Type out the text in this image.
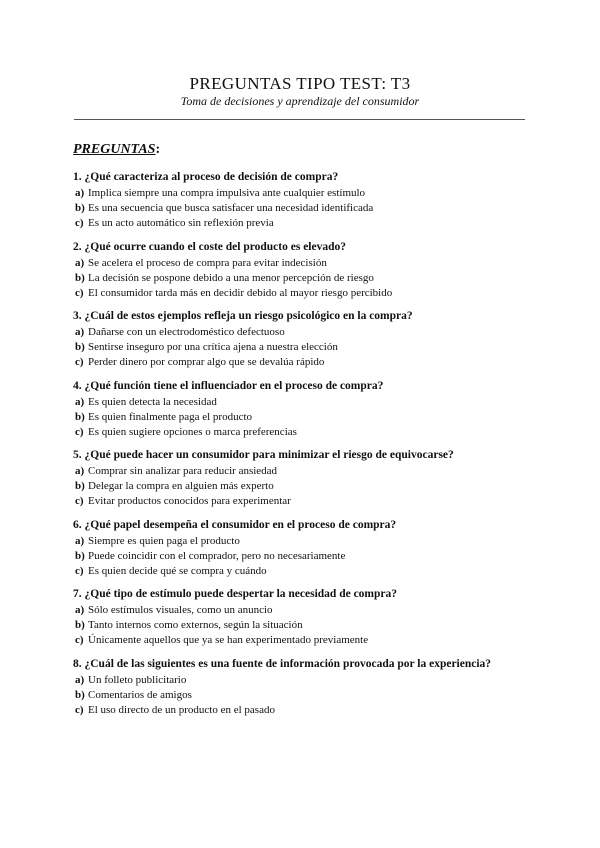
PREGUNTAS TIPO TEST: T3
Toma de decisiones y aprendizaje del consumidor
PREGUNTAS:
1. ¿Qué caracteriza al proceso de decisión de compra?
a) Implica siempre una compra impulsiva ante cualquier estímulo
b) Es una secuencia que busca satisfacer una necesidad identificada
c) Es un acto automático sin reflexión previa
2. ¿Qué ocurre cuando el coste del producto es elevado?
a) Se acelera el proceso de compra para evitar indecisión
b) La decisión se pospone debido a una menor percepción de riesgo
c) El consumidor tarda más en decidir debido al mayor riesgo percibido
3. ¿Cuál de estos ejemplos refleja un riesgo psicológico en la compra?
a) Dañarse con un electrodoméstico defectuoso
b) Sentirse inseguro por una crítica ajena a nuestra elección
c) Perder dinero por comprar algo que se devalúa rápido
4. ¿Qué función tiene el influenciador en el proceso de compra?
a) Es quien detecta la necesidad
b) Es quien finalmente paga el producto
c) Es quien sugiere opciones o marca preferencias
5. ¿Qué puede hacer un consumidor para minimizar el riesgo de equivocarse?
a) Comprar sin analizar para reducir ansiedad
b) Delegar la compra en alguien más experto
c) Evitar productos conocidos para experimentar
6. ¿Qué papel desempeña el consumidor en el proceso de compra?
a) Siempre es quien paga el producto
b) Puede coincidir con el comprador, pero no necesariamente
c) Es quien decide qué se compra y cuándo
7. ¿Qué tipo de estímulo puede despertar la necesidad de compra?
a) Sólo estímulos visuales, como un anuncio
b) Tanto internos como externos, según la situación
c) Únicamente aquellos que ya se han experimentado previamente
8. ¿Cuál de las siguientes es una fuente de información provocada por la experiencia?
a) Un folleto publicitario
b) Comentarios de amigos
c) El uso directo de un producto en el pasado
